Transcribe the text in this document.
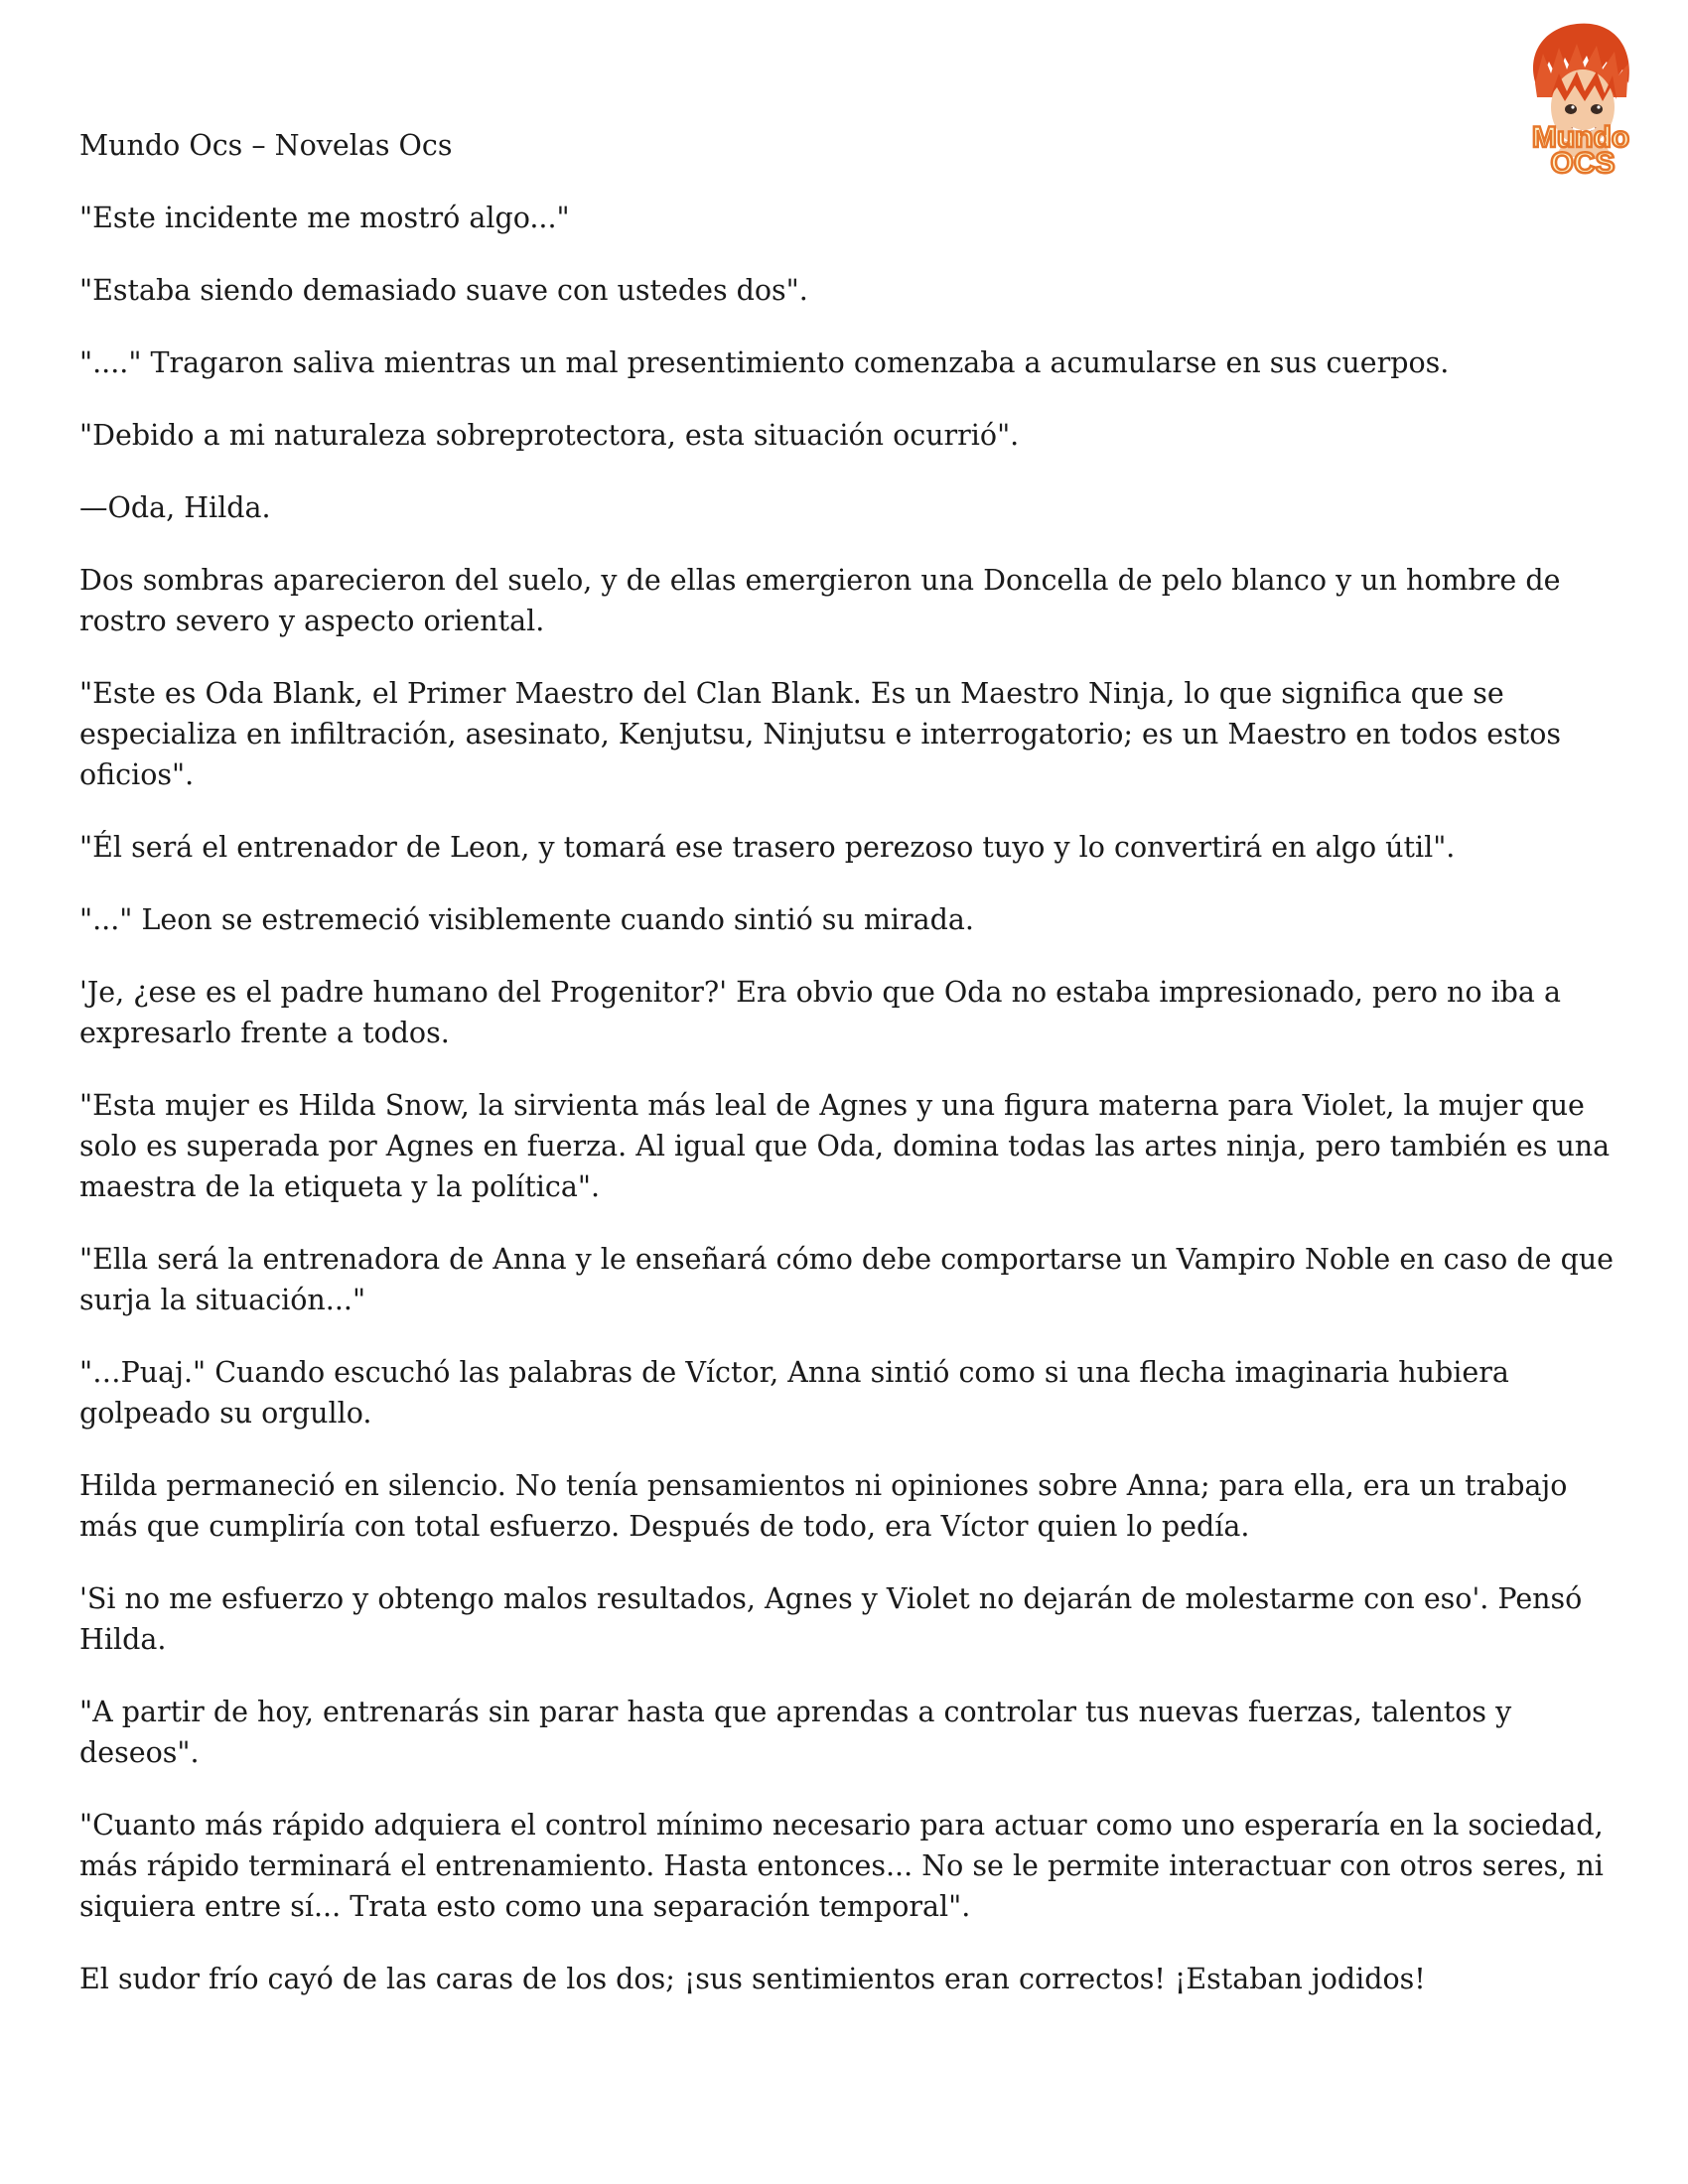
Mundo
OCS

Mundo Ocs – Novelas Ocs

"Este incidente me mostró algo..."

"Estaba siendo demasiado suave con ustedes dos".

"...." Tragaron saliva mientras un mal presentimiento comenzaba a acumularse en sus cuerpos.

"Debido a mi naturaleza sobreprotectora, esta situación ocurrió".

—Oda, Hilda.

Dos sombras aparecieron del suelo, y de ellas emergieron una Doncella de pelo blanco y un hombre de rostro severo y aspecto oriental.

"Este es Oda Blank, el Primer Maestro del Clan Blank. Es un Maestro Ninja, lo que significa que se especializa en infiltración, asesinato, Kenjutsu, Ninjutsu e interrogatorio; es un Maestro en todos estos oficios".

"Él será el entrenador de Leon, y tomará ese trasero perezoso tuyo y lo convertirá en algo útil".

"..." Leon se estremeció visiblemente cuando sintió su mirada.

'Je, ¿ese es el padre humano del Progenitor?' Era obvio que Oda no estaba impresionado, pero no iba a expresarlo frente a todos.

"Esta mujer es Hilda Snow, la sirvienta más leal de Agnes y una figura materna para Violet, la mujer que solo es superada por Agnes en fuerza. Al igual que Oda, domina todas las artes ninja, pero también es una maestra de la etiqueta y la política".

"Ella será la entrenadora de Anna y le enseñará cómo debe comportarse un Vampiro Noble en caso de que surja la situación..."

"…Puaj." Cuando escuchó las palabras de Víctor, Anna sintió como si una flecha imaginaria hubiera golpeado su orgullo.

Hilda permaneció en silencio. No tenía pensamientos ni opiniones sobre Anna; para ella, era un trabajo más que cumpliría con total esfuerzo. Después de todo, era Víctor quien lo pedía.

'Si no me esfuerzo y obtengo malos resultados, Agnes y Violet no dejarán de molestarme con eso'. Pensó Hilda.

"A partir de hoy, entrenarás sin parar hasta que aprendas a controlar tus nuevas fuerzas, talentos y deseos".

"Cuanto más rápido adquiera el control mínimo necesario para actuar como uno esperaría en la sociedad, más rápido terminará el entrenamiento. Hasta entonces... No se le permite interactuar con otros seres, ni siquiera entre sí... Trata esto como una separación temporal".

El sudor frío cayó de las caras de los dos; ¡sus sentimientos eran correctos! ¡Estaban jodidos!
